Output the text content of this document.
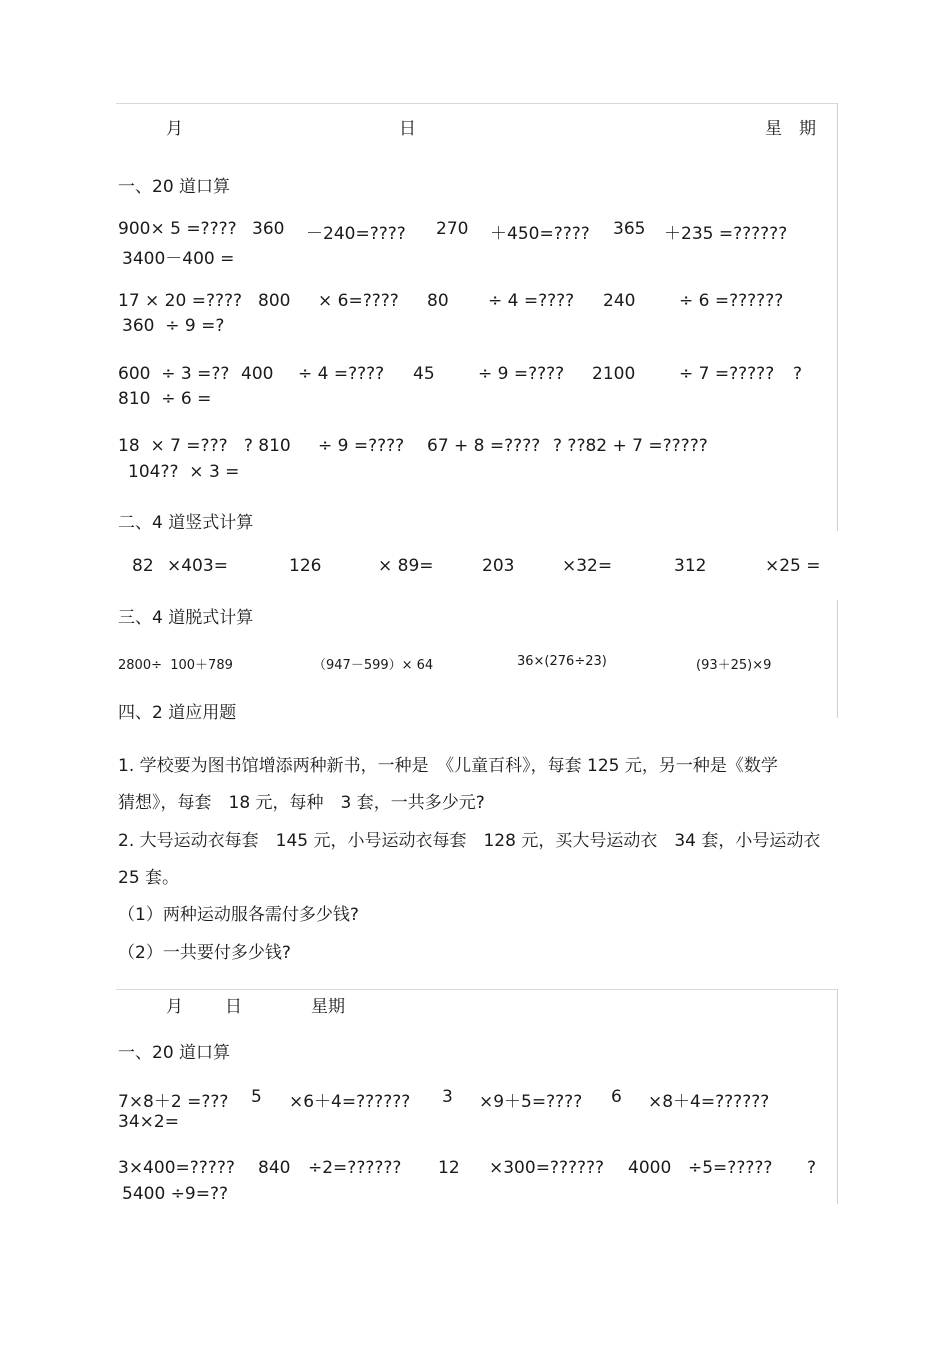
月	日	星　期
一、20 道口算
900× 5 =???? 360 －240=???? 270 ＋450=???? 365 ＋235 =??????
3400－400 =
17 × 20 =???? 800 × 6=???? 80 ÷ 4 =???? 240	÷ 6 =??????
360  ÷ 9 =?
600  ÷ 3 =?? 400 ÷ 4 =???? 45	÷ 9 =???? 2100	÷ 7 =????? ?
810  ÷ 6 =
18  × 7 =???   ? 810 ÷ 9 =???? 67 + 8 =???? ? ??82 + 7 =?????
104??  × 3 =
二、4 道竖式计算
82 ×403=	126	× 89=	203	×32=	312	×25 =
三、4 道脱式计算
2800÷  100＋789	（947－599）× 64	36×(276÷23)	(93＋25)×9
四、2 道应用题
1. 学校要为图书馆增添两种新书，一种是　《儿童百科》，每套 125 元，另一种是《数学
猜想》，每套　18 元，每种　3 套，一共多少元?
2. 大号运动衣每套　145 元，小号运动衣每套　128 元，买大号运动衣　34 套，小号运动衣
25 套。
（1）两种运动服各需付多少钱?
（2）一共要付多少钱?
月 日	星期
一、20 道口算
7×8＋2 =??? 5 ×6＋4=?????? 3 ×9＋5=???? 6 ×8＋4=??????
34×2=
3×400=????? 840 ÷2=?????? 12 ×300=?????? 4000 ÷5=????? ?
5400 ÷9=??
